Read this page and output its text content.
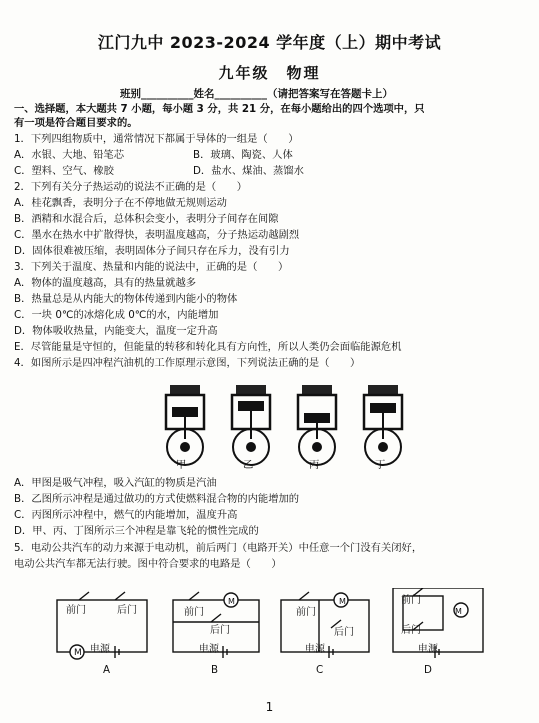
江门九中 2023-2024 学年度（上）期中考试
九年级　物理
班别__________姓名__________（请把答案写在答题卡上）
一、选择题，本大题共 7 小题，每小题 3 分，共 21 分，在每小题给出的四个选项中，只
有一项是符合题目要求的。
1．下列四组物质中，通常情况下都属于导体的一组是（　　）
A．水银、大地、铅笔芯	B．玻璃、陶瓷、人体
C．塑料、空气、橡胶	D．盐水、煤油、蒸馏水
2．下列有关分子热运动的说法不正确的是（　　）
A．桂花飘香，表明分子在不停地做无规则运动
B．酒精和水混合后，总体积会变小，表明分子间存在间隙
C．墨水在热水中扩散得快，表明温度越高，分子热运动越剧烈
D．固体很难被压缩，表明固体分子间只存在斥力，没有引力
3．下列关于温度、热量和内能的说法中，正确的是（　　）
A．物体的温度越高，具有的热量就越多
B．热量总是从内能大的物体传递到内能小的物体
C．一块 0℃的冰熔化成 0℃的水，内能增加
D．物体吸收热量，内能变大，温度一定升高
E．尽管能量是守恒的，但能量的转移和转化具有方向性，所以人类仍会面临能源危机
4．如图所示是四冲程汽油机的工作原理示意图，下列说法正确的是（　　）
甲	乙	丙	丁
A．甲图是吸气冲程，吸入汽缸的物质是汽油
B．乙图所示冲程是通过做功的方式使燃料混合物的内能增加的
C．丙图所示冲程中，燃气的内能增加，温度升高
D．甲、丙、丁图所示三个冲程是靠飞轮的惯性完成的
5．电动公共汽车的动力来源于电动机，前后两门（电路开关）中任意一个门没有关闭好，
电动公共汽车都无法行驶。图中符合要求的电路是（　　）
前门	后门
M 电源
前门
M
后门
电源
前门
M
后门
电源
前门
M
后门
电源
A	B	C	D
1
